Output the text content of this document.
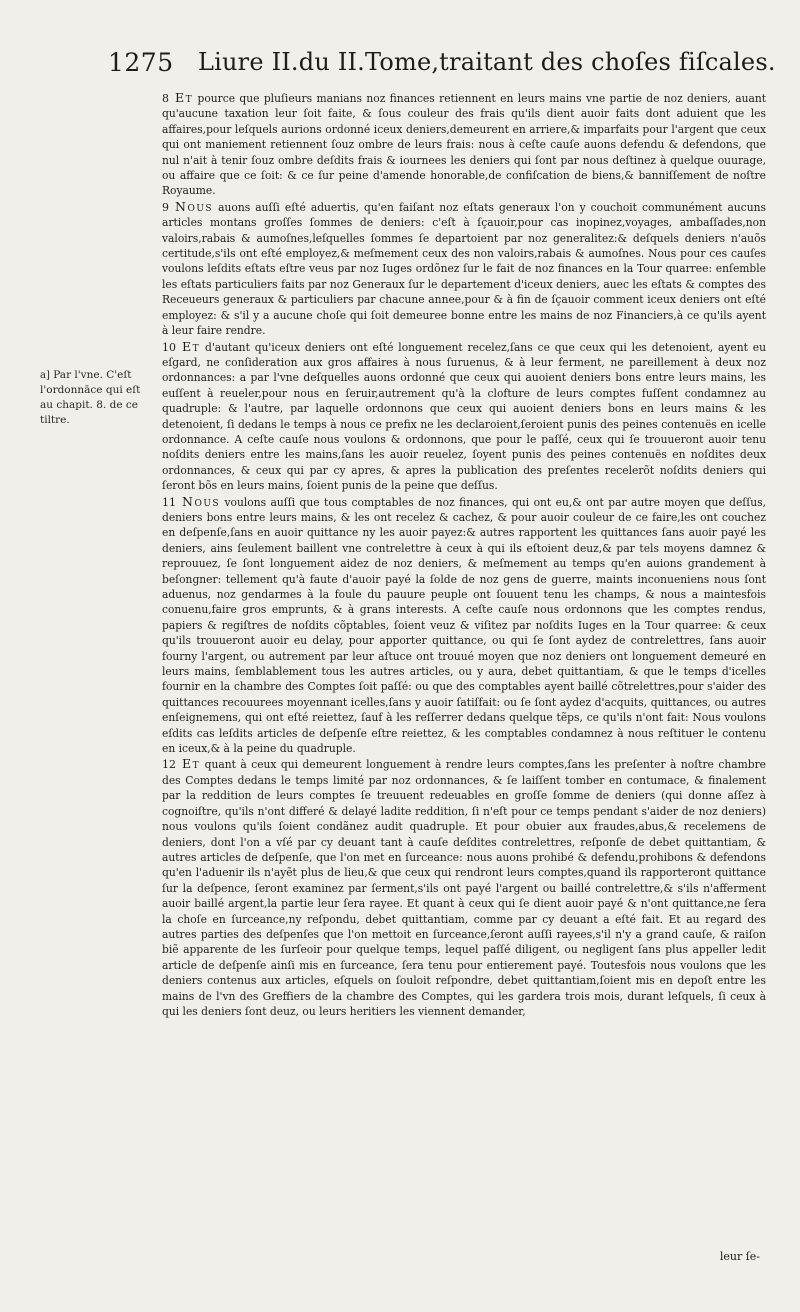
1275 Liure II.du II.Tome,traitant des choſes fiſcales.
a] Par l'vne. C'eſt l'ordonnāce qui eſt au chapit. 8. de ce tiltre.

8 Et pource que pluſieurs manians noz finances retiennent en leurs mains vne partie de noz deniers, auant qu'aucune taxation leur ſoit faite, & ſous couleur des frais qu'ils dient auoir faits dont aduient que les affaires,pour leſquels aurions ordonné iceux deniers,demeurent en arriere,& imparfaits pour l'argent que ceux qui ont maniement retiennent ſouz ombre de leurs frais: nous à ceſte cauſe auons defendu & defendons, que nul n'ait à tenir ſouz ombre deſdits frais & iournees les deniers qui ſont par nous deſtinez à quelque ouurage, ou affaire que ce ſoit: & ce ſur peine d'amende honorable,de confiſcation de biens,& banniſſement de noſtre Royaume.

9 Nous auons auſſi eſté aduertis, qu'en faiſant noz eſtats generaux l'on y couchoit communément aucuns articles montans groſſes ſommes de deniers: c'eſt à ſçauoir,pour cas inopinez,voyages, ambaſſades,non valoirs,rabais & aumoſnes,leſquelles ſommes ſe departoient par noz generalitez:& deſquels deniers n'auõs certitude,s'ils ont eſté employez,& meſmement ceux des non valoirs,rabais & aumoſnes. Nous pour ces cauſes voulons leſdits eſtats eſtre veus par noz Iuges ordõnez ſur le fait de noz finances en la Tour quarree: enſemble les eſtats particuliers faits par noz Generaux ſur le departement d'iceux deniers, auec les eſtats & comptes des Receueurs generaux & particuliers par chacune annee,pour & à fin de ſçauoir comment iceux deniers ont eſté employez: & s'il y a aucune choſe qui ſoit demeuree bonne entre les mains de noz Financiers,à ce qu'ils ayent à leur faire rendre.

10 Et d'autant qu'iceux deniers ont eſté longuement recelez,ſans ce que ceux qui les detenoient, ayent eu eſgard, ne conſideration aux gros affaires à nous ſuruenus, & à leur ferment, ne pareillement à deux noz ordonnances: a par l'vne deſquelles auons ordonné que ceux qui auoient deniers bons entre leurs mains, les euſſent à reueler,pour nous en ſeruir,autrement qu'à la clofture de leurs comptes fuſſent condamnez au quadruple: & l'autre, par laquelle ordonnons que ceux qui auoient deniers bons en leurs mains & les detenoient, ſi dedans le temps à nous ce prefix ne les declaroient,ſeroient punis des peines contenuës en icelle ordonnance. A ceſte cauſe nous voulons & ordonnons, que pour le paſſé, ceux qui ſe trouueront auoir tenu noſdits deniers entre les mains,ſans les auoir reuelez, ſoyent punis des peines contenuës en noſdites deux ordonnances, & ceux qui par cy apres, & apres la publication des preſentes recelerõt noſdits deniers qui ſeront bõs en leurs mains, ſoient punis de la peine que deſſus.

11 Nous voulons auſſi que tous comptables de noz finances, qui ont eu,& ont par autre moyen que deſſus, deniers bons entre leurs mains, & les ont recelez & cachez, & pour auoir couleur de ce faire,les ont couchez en deſpenſe,ſans en auoir quittance ny les auoir payez:& autres rapportent les quittances ſans auoir payé les deniers, ains ſeulement baillent vne contrelettre à ceux à qui ils eſtoient deuz,& par tels moyens damnez & reprouuez, ſe ſont longuement aidez de noz deniers, & meſmement au temps qu'en auions grandement à beſongner: tellement qu'à faute d'auoir payé la ſolde de noz gens de guerre, maints inconueniens nous ſont aduenus, noz gendarmes à la foule du pauure peuple ont ſouuent tenu les champs, & nous a maintesfois conuenu,faire gros emprunts, & à grans interests. A ceſte cauſe nous ordonnons que les comptes rendus, papiers & regiſtres de noſdits cõptables, ſoient veuz & viſitez par noſdits Iuges en la Tour quarree: & ceux qu'ils trouueront auoir eu delay, pour apporter quittance, ou qui ſe ſont aydez de contrelettres, ſans auoir fourny l'argent, ou autrement par leur aſtuce ont trouué moyen que noz deniers ont longuement demeuré en leurs mains, ſemblablement tous les autres articles, ou y aura, debet quittantiam, & que le temps d'icelles fournir en la chambre des Comptes ſoit paſſé: ou que des comptables ayent baillé cõtrelettres,pour s'aider des quittances recouurees moyennant icelles,ſans y auoir ſatiſfait: ou ſe ſont aydez d'acquits, quittances, ou autres enſeignemens, qui ont eſté reiettez, ſauf à les reſſerrer dedans quelque tẽps, ce qu'ils n'ont fait: Nous voulons eſdits cas leſdits articles de deſpenſe eſtre reiettez, & les comptables condamnez à nous reſtituer le contenu en iceux,& à la peine du quadruple.

12 Et quant à ceux qui demeurent longuement à rendre leurs comptes,ſans les preſenter à noſtre chambre des Comptes dedans le temps limité par noz ordonnances, & ſe laiſſent tomber en contumace, & finalement par la reddition de leurs comptes ſe treuuent redeuables en groſſe ſomme de deniers (qui donne aſſez à cognoiſtre, qu'ils n'ont differé & delayé ladite reddition, ſi n'eſt pour ce temps pendant s'aider de noz deniers) nous voulons qu'ils ſoient condãnez audit quadruple. Et pour obuier aux fraudes,abus,& recelemens de deniers, dont l'on a vſé par cy deuant tant à cauſe deſdites contrelettres, reſponſe de debet quittantiam, & autres articles de deſpenſe, que l'on met en ſurceance: nous auons prohibé & defendu,prohibons & defendons qu'en l'aduenir ils n'ayẽt plus de lieu,& que ceux qui rendront leurs comptes,quand ils rapporteront quittance ſur la deſpence, ſeront examinez par ſerment,s'ils ont payé l'argent ou baillé contrelettre,& s'ils n'afferment auoir baillé argent,la partie leur ſera rayee. Et quant à ceux qui ſe dient auoir payé & n'ont quittance,ne ſera la choſe en ſurceance,ny reſpondu, debet quittantiam, comme par cy deuant a eſté fait. Et au regard des autres parties des deſpenſes que l'on mettoit en ſurceance,ſeront auſſi rayees,s'il n'y a grand cauſe, & raiſon biẽ apparente de les ſurſeoir pour quelque temps, lequel paſſé diligent, ou negligent ſans plus appeller ledit article de deſpenſe ainſi mis en ſurceance, ſera tenu pour entierement payé. Toutesfois nous voulons que les deniers contenus aux articles, eſquels on ſouloit reſpondre, debet quittantiam,ſoient mis en depoſt entre les mains de l'vn des Greffiers de la chambre des Comptes, qui les gardera trois mois, durant leſquels, ſi ceux à qui les deniers ſont deuz, ou leurs heritiers les viennent demander,

leur ſe-
